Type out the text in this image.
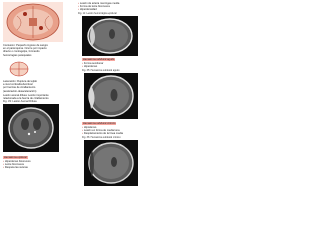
Contusion: Pequeño ingreso de sangre
en el parénquima. Ocurre por impacto
directo o contragolpe, formando
hemorragias petequiales
Laceración: Ruptura de tejido
a nivel cortical/subcortical
por fuerzas de cizallamiento
(aceleración-desaceleración)
Lesión axonal difusa: Lesión importante
relacionada a la fuerza de cizallamiento
Fig. 33: Lesión Axonal Difusa
Hematoma epidural
▪ Hiperdenso biconvexo
▪ Lente biconvexa
▪ Respeta las suturas
▪ Lesión de arteria meníngea media
▪ Forma de lente biconvexa
▪ Hiperdensidad
Fig. 11: Lesión hemorrágica epidural
Hematoma subdural agudo
▪ Forma semilunar
▪ Hiperdenso
Fig. 35: Hematoma subdural agudo
Hematoma subdural crónico
▪ Hipodenso
▪ Lesión en forma de media luna
▪ Desplazamiento de la línea media
Fig. 36: Hematoma subdural crónico
